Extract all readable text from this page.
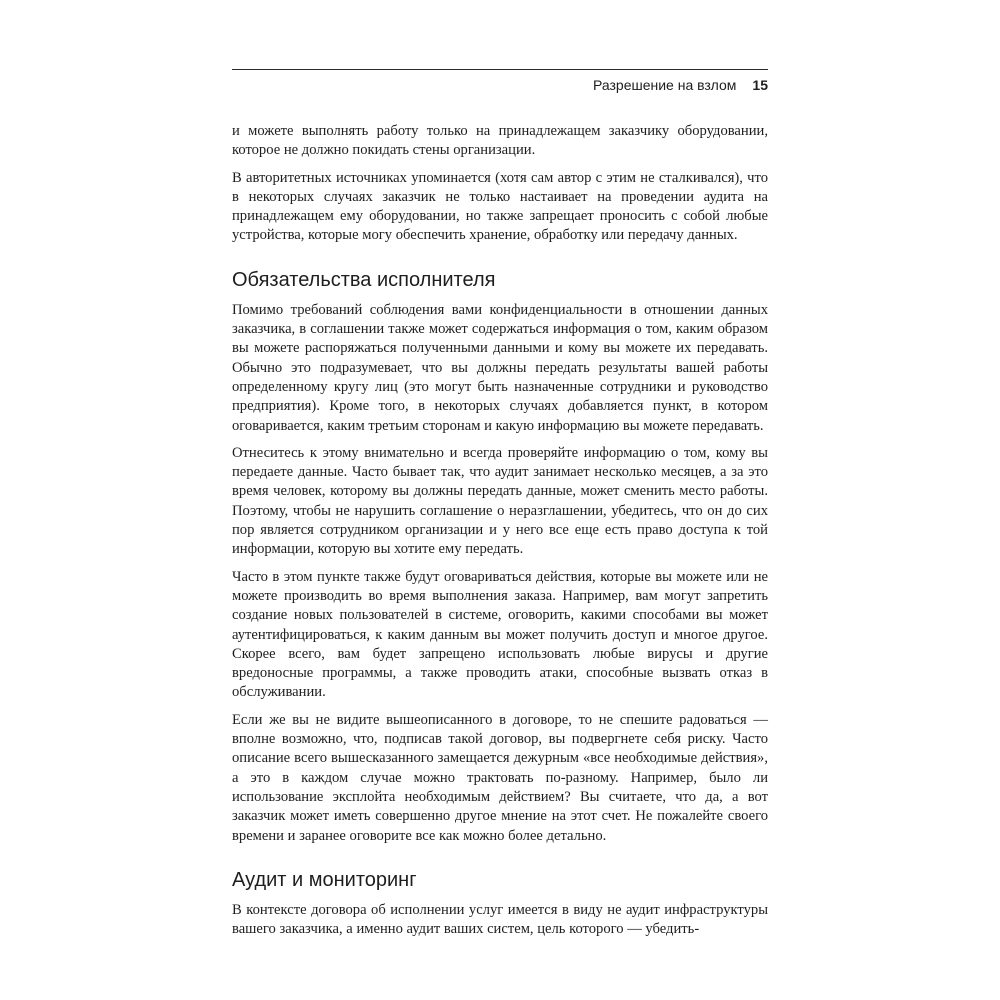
Разрешение на взлом 15

и можете выполнять работу только на принадлежащем заказчику оборудовании, которое не должно покидать стены организации.

В авторитетных источниках упоминается (хотя сам автор с этим не сталкивался), что в некоторых случаях заказчик не только настаивает на проведении аудита на принадлежащем ему оборудовании, но также запрещает проносить с собой любые устройства, которые могу обеспечить хранение, обработку или передачу данных.

Обязательства исполнителя

Помимо требований соблюдения вами конфиденциальности в отношении данных заказчика, в соглашении также может содержаться информация о том, каким образом вы можете распоряжаться полученными данными и кому вы можете их передавать. Обычно это подразумевает, что вы должны передать результаты вашей работы определенному кругу лиц (это могут быть назначенные сотрудники и руководство предприятия). Кроме того, в некоторых случаях добавляется пункт, в котором оговаривается, каким третьим сторонам и какую информацию вы можете передавать.

Отнеситесь к этому внимательно и всегда проверяйте информацию о том, кому вы передаете данные. Часто бывает так, что аудит занимает несколько месяцев, а за это время человек, которому вы должны передать данные, может сменить место работы. Поэтому, чтобы не нарушить соглашение о неразглашении, убедитесь, что он до сих пор является сотрудником организации и у него все еще есть право доступа к той информации, которую вы хотите ему передать.

Часто в этом пункте также будут оговариваться действия, которые вы можете или не можете производить во время выполнения заказа. Например, вам могут запретить создание новых пользователей в системе, оговорить, какими способами вы может аутентифицироваться, к каким данным вы может получить доступ и многое другое. Скорее всего, вам будет запрещено использовать любые вирусы и другие вредоносные программы, а также проводить атаки, способные вызвать отказ в обслуживании.

Если же вы не видите вышеописанного в договоре, то не спешите радоваться — вполне возможно, что, подписав такой договор, вы подвергнете себя риску. Часто описание всего вышесказанного замещается дежурным «все необходимые действия», а это в каждом случае можно трактовать по-разному. Например, было ли использование эксплойта необходимым действием? Вы считаете, что да, а вот заказчик может иметь совершенно другое мнение на этот счет. Не пожалейте своего времени и заранее оговорите все как можно более детально.

Аудит и мониторинг

В контексте договора об исполнении услуг имеется в виду не аудит инфраструктуры вашего заказчика, а именно аудит ваших систем, цель которого — убедить-
